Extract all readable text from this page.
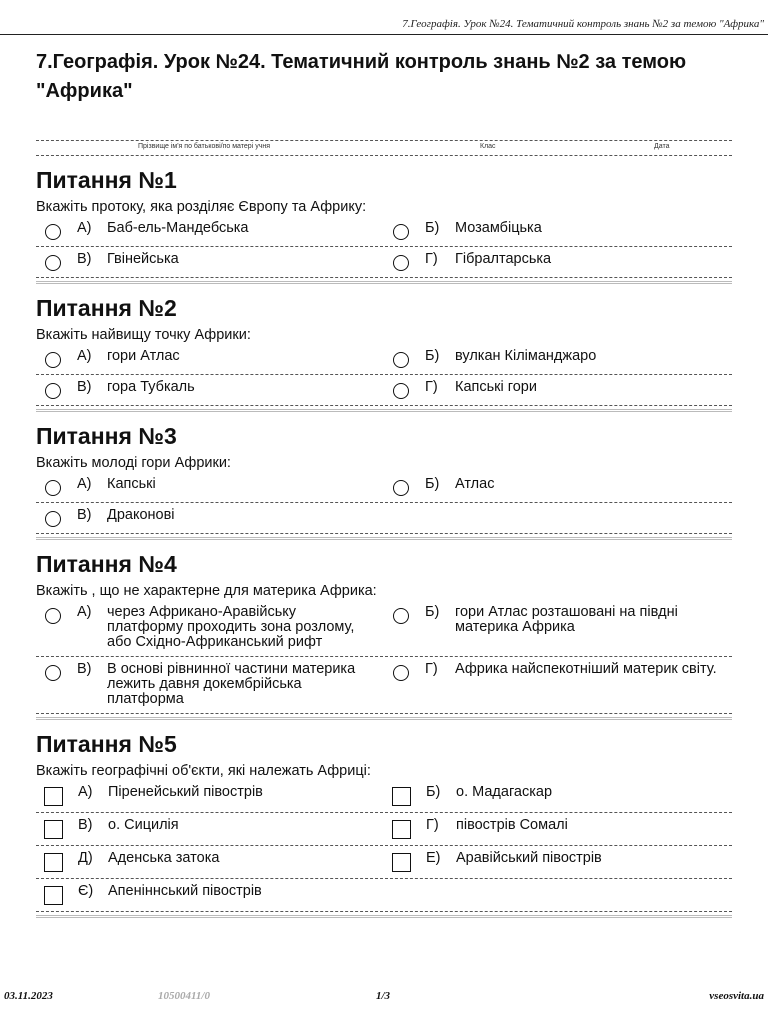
7.Географія. Урок №24. Тематичний контроль знань №2 за темою "Африка"
7.Географія. Урок №24. Тематичний контроль знань №2 за темою "Африка"
Прізвище ім'я по батькові/по матері учня	Клас	Дата
Питання №1
Вкажіть протоку, яка розділяє Європу та Африку:
А)	Баб-ель-Мандебська	Б)	Мозамбіцька
В)	Гвінейська	Г)	Гібралтарська
Питання №2
Вкажіть найвищу точку Африки:
А)	гори Атлас	Б)	вулкан Кіліманджаро
В)	гора Тубкаль	Г)	Капські гори
Питання №3
Вкажіть молоді гори Африки:
А)	Капські	Б)	Атлас
В)	Драконові
Питання №4
Вкажіть , що не характерне для материка Африка:
А)	через Африкано-Аравійську платформу проходить зона розлому, або Східно-Африканський рифт
Б)	гори Атлас розташовані на півдні материка Африка
В)	В основі рівнинної частини материка лежить давня докембрійська платформа
Г)	Африка найспекотніший материк світу.
Питання №5
Вкажіть географічні об'єкти, які належать Африці:
А)	Піренейський півострів	Б)	о. Мадагаскар
В)	о. Сицилія	Г)	півострів Сомалі
Д)	Аденська затока	Е)	Аравійський півострів
Є)	Апеніннський півострів
03.11.2023	10500411/0	1/3	vseosvita.ua
